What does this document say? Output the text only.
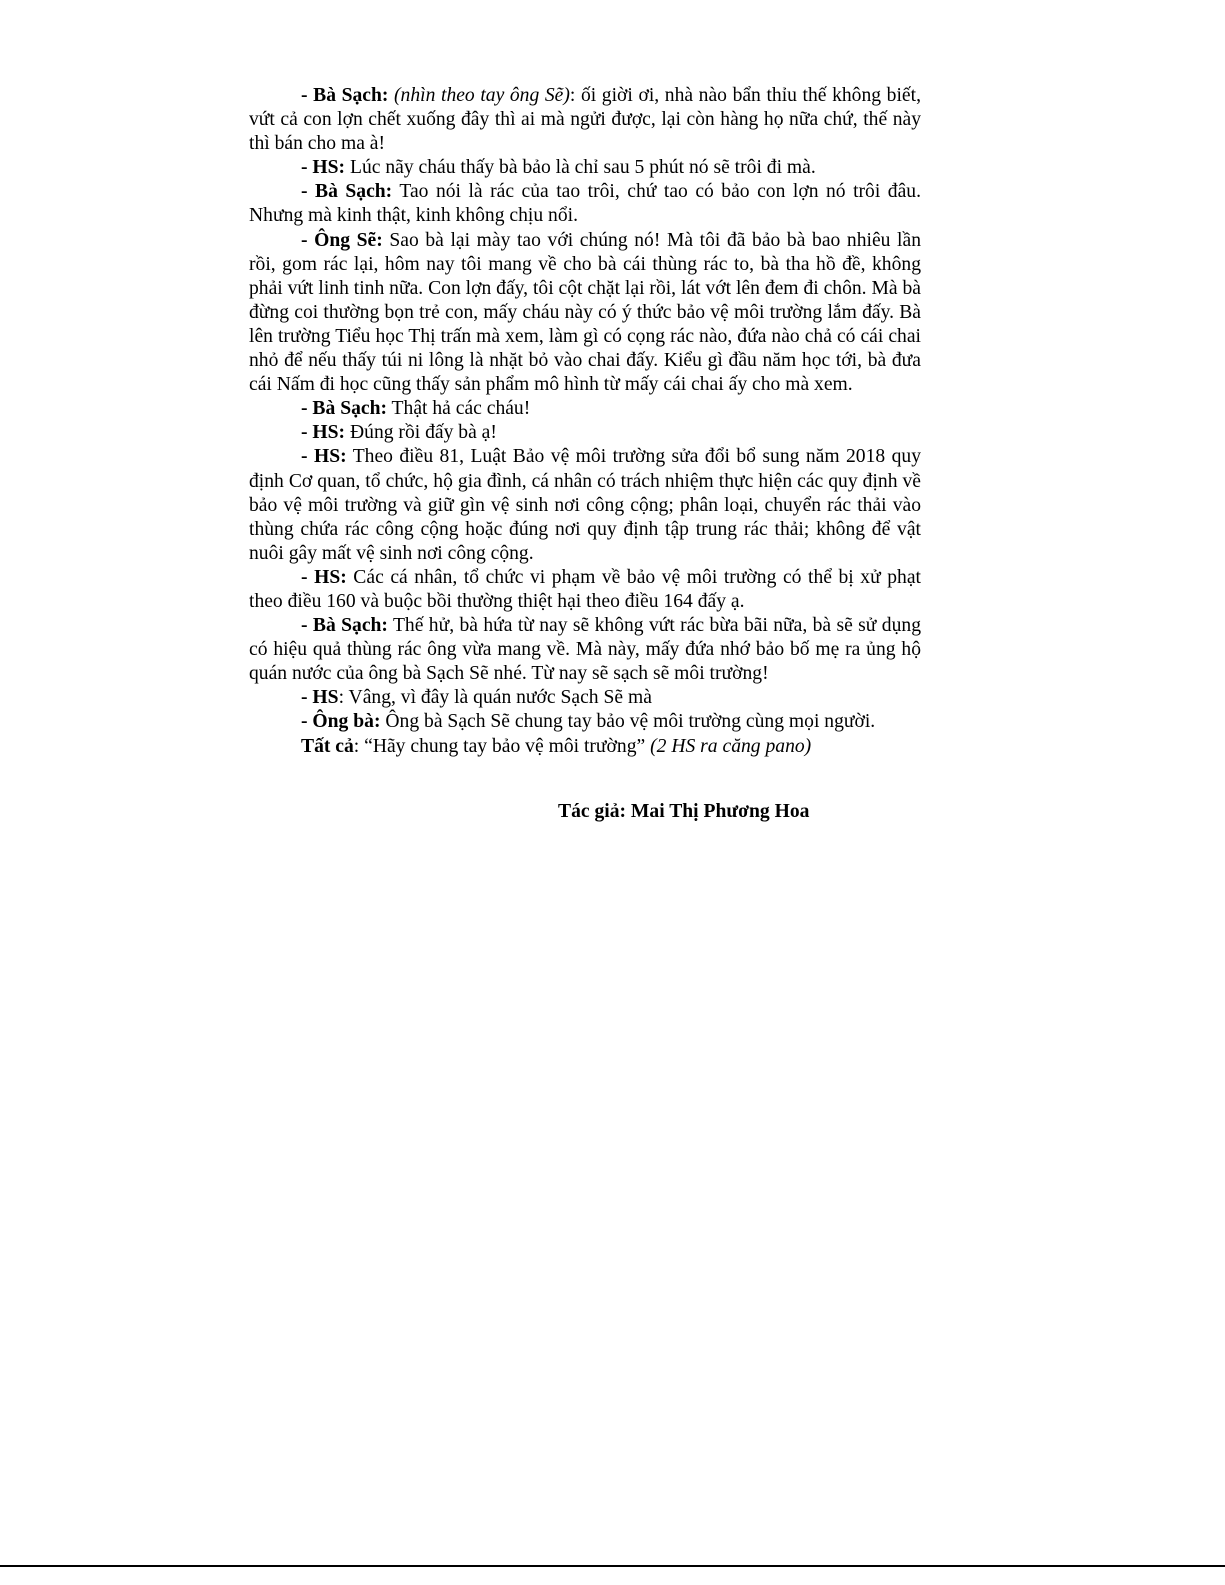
- Bà Sạch: (nhìn theo tay ông Sẽ): ối giời ơi, nhà nào bẩn thỉu thế không biết, vứt cả con lợn chết xuống đây thì ai mà ngửi được, lại còn hàng họ nữa chứ, thế này thì bán cho ma à!

- HS: Lúc nãy cháu thấy bà bảo là chỉ sau 5 phút nó sẽ trôi đi mà.

- Bà Sạch: Tao nói là rác của tao trôi, chứ tao có bảo con lợn nó trôi đâu. Nhưng mà kinh thật, kinh không chịu nổi.

- Ông Sẽ: Sao bà lại mày tao với chúng nó! Mà tôi đã bảo bà bao nhiêu lần rồi, gom rác lại, hôm nay tôi mang về cho bà cái thùng rác to, bà tha hồ đề, không phải vứt linh tinh nữa. Con lợn đấy, tôi cột chặt lại rồi, lát vớt lên đem đi chôn. Mà bà đừng coi thường bọn trẻ con, mấy cháu này có ý thức bảo vệ môi trường lắm đấy. Bà lên trường Tiểu học Thị trấn mà xem, làm gì có cọng rác nào, đứa nào chả có cái chai nhỏ để nếu thấy túi ni lông là nhặt bỏ vào chai đấy. Kiểu gì đầu năm học tới, bà đưa cái Nấm đi học cũng thấy sản phẩm mô hình từ mấy cái chai ấy cho mà xem.

- Bà Sạch: Thật hả các cháu!

- HS: Đúng rồi đấy bà ạ!

- HS: Theo điều 81, Luật Bảo vệ môi trường sửa đổi bổ sung năm 2018 quy định Cơ quan, tổ chức, hộ gia đình, cá nhân có trách nhiệm thực hiện các quy định về bảo vệ môi trường và giữ gìn vệ sinh nơi công cộng; phân loại, chuyển rác thải vào thùng chứa rác công cộng hoặc đúng nơi quy định tập trung rác thải; không để vật nuôi gây mất vệ sinh nơi công cộng.

- HS: Các cá nhân, tổ chức vi phạm về bảo vệ môi trường có thể bị xử phạt theo điều 160 và buộc bồi thường thiệt hại theo điều 164 đấy ạ.

- Bà Sạch: Thế hử, bà hứa từ nay sẽ không vứt rác bừa bãi nữa, bà sẽ sử dụng có hiệu quả thùng rác ông vừa mang về. Mà này, mấy đứa nhớ bảo bố mẹ ra ủng hộ quán nước của ông bà Sạch Sẽ nhé. Từ nay sẽ sạch sẽ môi trường!

- HS: Vâng, vì đây là quán nước Sạch Sẽ mà

- Ông bà: Ông bà Sạch Sẽ chung tay bảo vệ môi trường cùng mọi người.

Tất cả: “Hãy chung tay bảo vệ môi trường” (2 HS ra căng pano)

Tác giả: Mai Thị Phương Hoa
